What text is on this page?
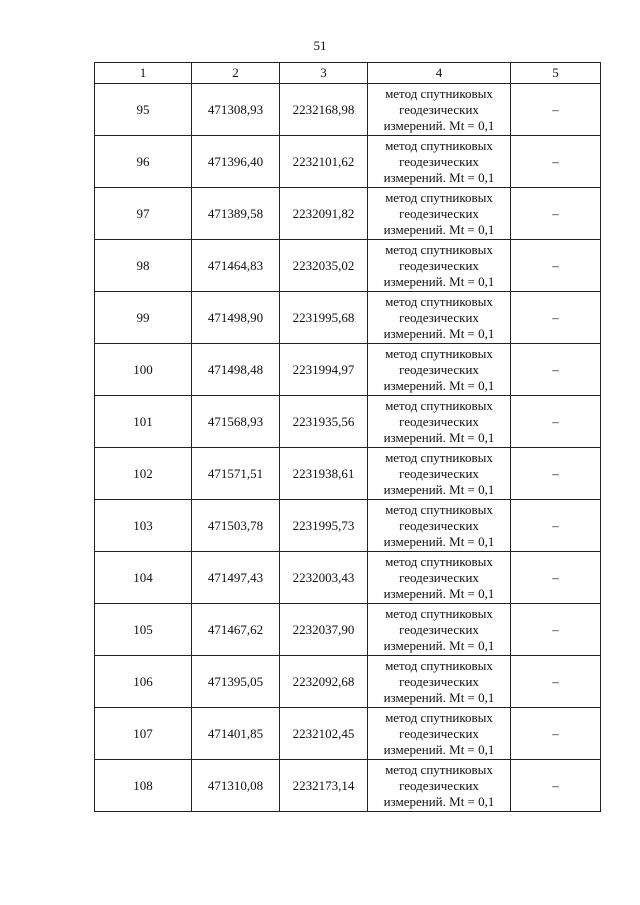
51
1	2	3	4	5
95	471308,93	2232168,98	метод спутниковых геодезических измерений. Mt = 0,1	–
96	471396,40	2232101,62	метод спутниковых геодезических измерений. Mt = 0,1	–
97	471389,58	2232091,82	метод спутниковых геодезических измерений. Mt = 0,1	–
98	471464,83	2232035,02	метод спутниковых геодезических измерений. Mt = 0,1	–
99	471498,90	2231995,68	метод спутниковых геодезических измерений. Mt = 0,1	–
100	471498,48	2231994,97	метод спутниковых геодезических измерений. Mt = 0,1	–
101	471568,93	2231935,56	метод спутниковых геодезических измерений. Mt = 0,1	–
102	471571,51	2231938,61	метод спутниковых геодезических измерений. Mt = 0,1	–
103	471503,78	2231995,73	метод спутниковых геодезических измерений. Mt = 0,1	–
104	471497,43	2232003,43	метод спутниковых геодезических измерений. Mt = 0,1	–
105	471467,62	2232037,90	метод спутниковых геодезических измерений. Mt = 0,1	–
106	471395,05	2232092,68	метод спутниковых геодезических измерений. Mt = 0,1	–
107	471401,85	2232102,45	метод спутниковых геодезических измерений. Mt = 0,1	–
108	471310,08	2232173,14	метод спутниковых геодезических измерений. Mt = 0,1	–
